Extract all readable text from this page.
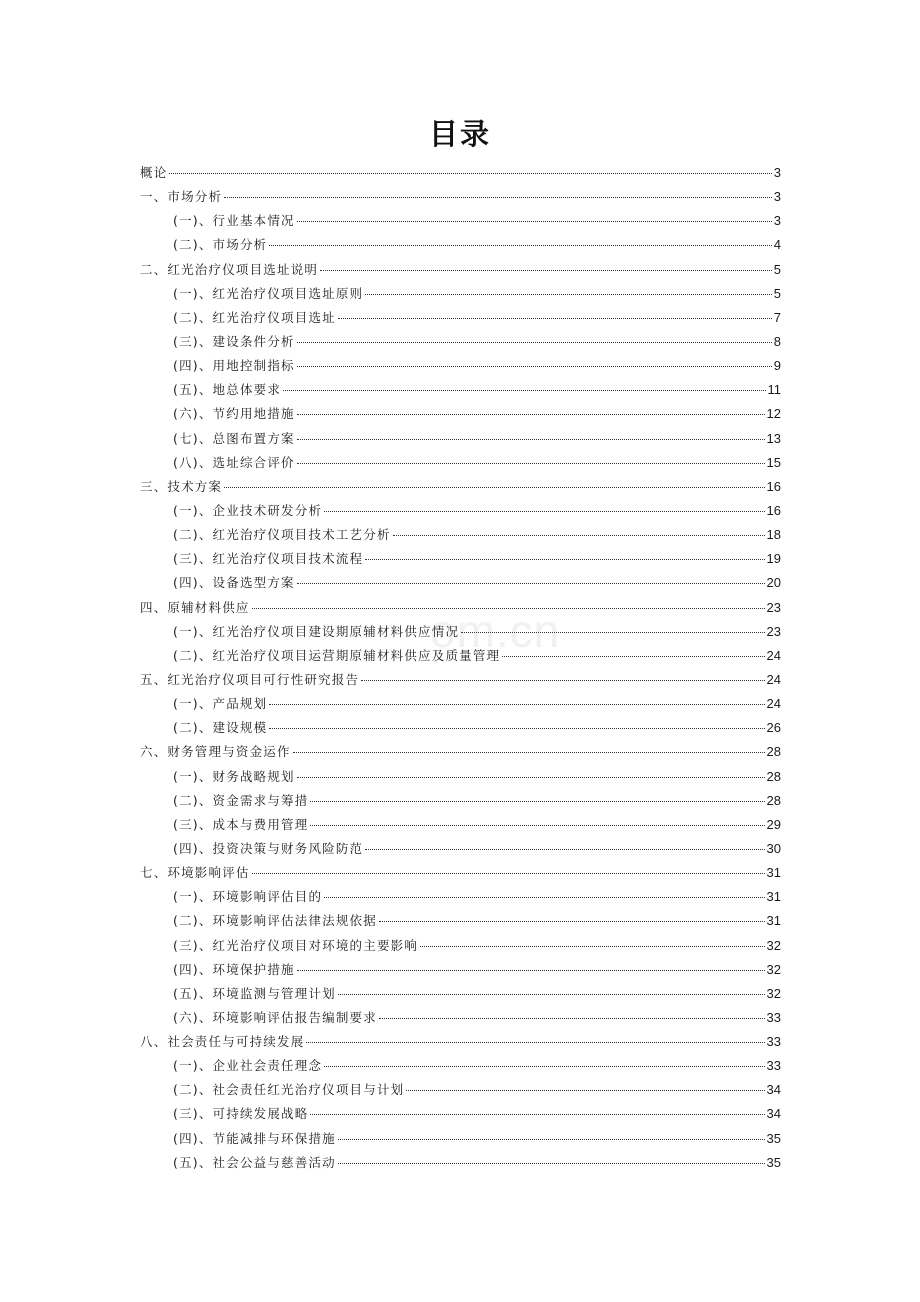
目录
概论	3
一、市场分析	3
(一)、行业基本情况	3
(二)、市场分析	4
二、红光治疗仪项目选址说明	5
(一)、红光治疗仪项目选址原则	5
(二)、红光治疗仪项目选址	7
(三)、建设条件分析	8
(四)、用地控制指标	9
(五)、地总体要求	11
(六)、节约用地措施	12
(七)、总图布置方案	13
(八)、选址综合评价	15
三、技术方案	16
(一)、企业技术研发分析	16
(二)、红光治疗仪项目技术工艺分析	18
(三)、红光治疗仪项目技术流程	19
(四)、设备选型方案	20
四、原辅材料供应	23
(一)、红光治疗仪项目建设期原辅材料供应情况	23
(二)、红光治疗仪项目运营期原辅材料供应及质量管理	24
五、红光治疗仪项目可行性研究报告	24
(一)、产品规划	24
(二)、建设规模	26
六、财务管理与资金运作	28
(一)、财务战略规划	28
(二)、资金需求与筹措	28
(三)、成本与费用管理	29
(四)、投资决策与财务风险防范	30
七、环境影响评估	31
(一)、环境影响评估目的	31
(二)、环境影响评估法律法规依据	31
(三)、红光治疗仪项目对环境的主要影响	32
(四)、环境保护措施	32
(五)、环境监测与管理计划	32
(六)、环境影响评估报告编制要求	33
八、社会责任与可持续发展	33
(一)、企业社会责任理念	33
(二)、社会责任红光治疗仪项目与计划	34
(三)、可持续发展战略	34
(四)、节能减排与环保措施	35
(五)、社会公益与慈善活动	35
om.cn
